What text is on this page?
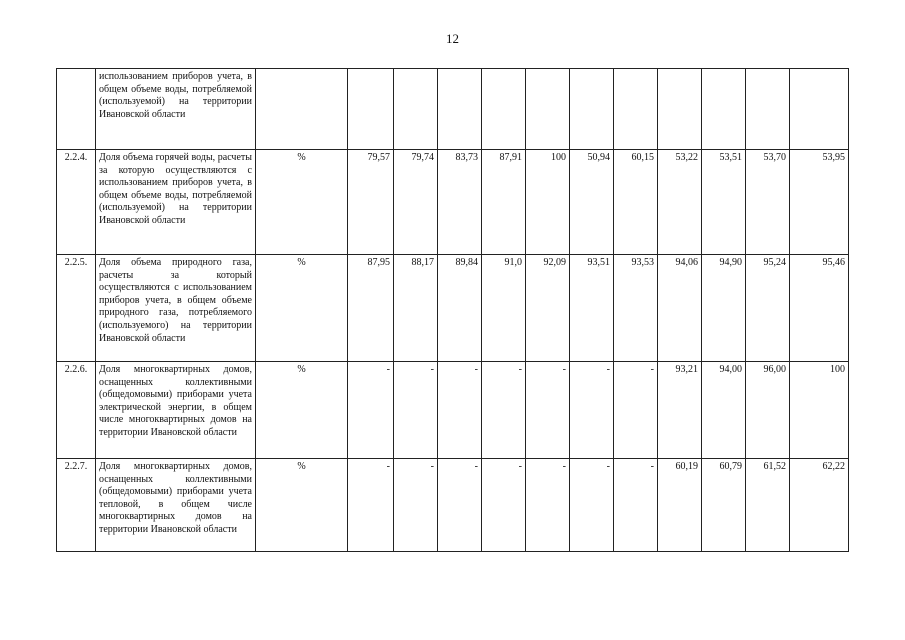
12
	использованием приборов учета, в общем объеме воды, потребляемой (используемой) на территории Ивановской области												
2.2.4.	Доля объема горячей воды, расчеты за которую осуществляются с использованием приборов учета, в общем объеме воды, потребляемой (используемой) на территории Ивановской области	%	79,57	79,74	83,73	87,91	100	50,94	60,15	53,22	53,51	53,70	53,95
2.2.5.	Доля объема природного газа, расчеты за который осуществляются с использованием приборов учета, в общем объеме природного газа, потребляемого (используемого) на территории Ивановской области	%	87,95	88,17	89,84	91,0	92,09	93,51	93,53	94,06	94,90	95,24	95,46
2.2.6.	Доля многоквартирных домов, оснащенных коллективными (общедомовыми) приборами учета электрической энергии, в общем числе многоквартирных домов на территории Ивановской области	%	-	-	-	-	-	-	-	93,21	94,00	96,00	100
2.2.7.	Доля многоквартирных домов, оснащенных коллективными (общедомовыми) приборами учета тепловой, в общем числе многоквартирных домов на территории Ивановской области	%	-	-	-	-	-	-	-	60,19	60,79	61,52	62,22
